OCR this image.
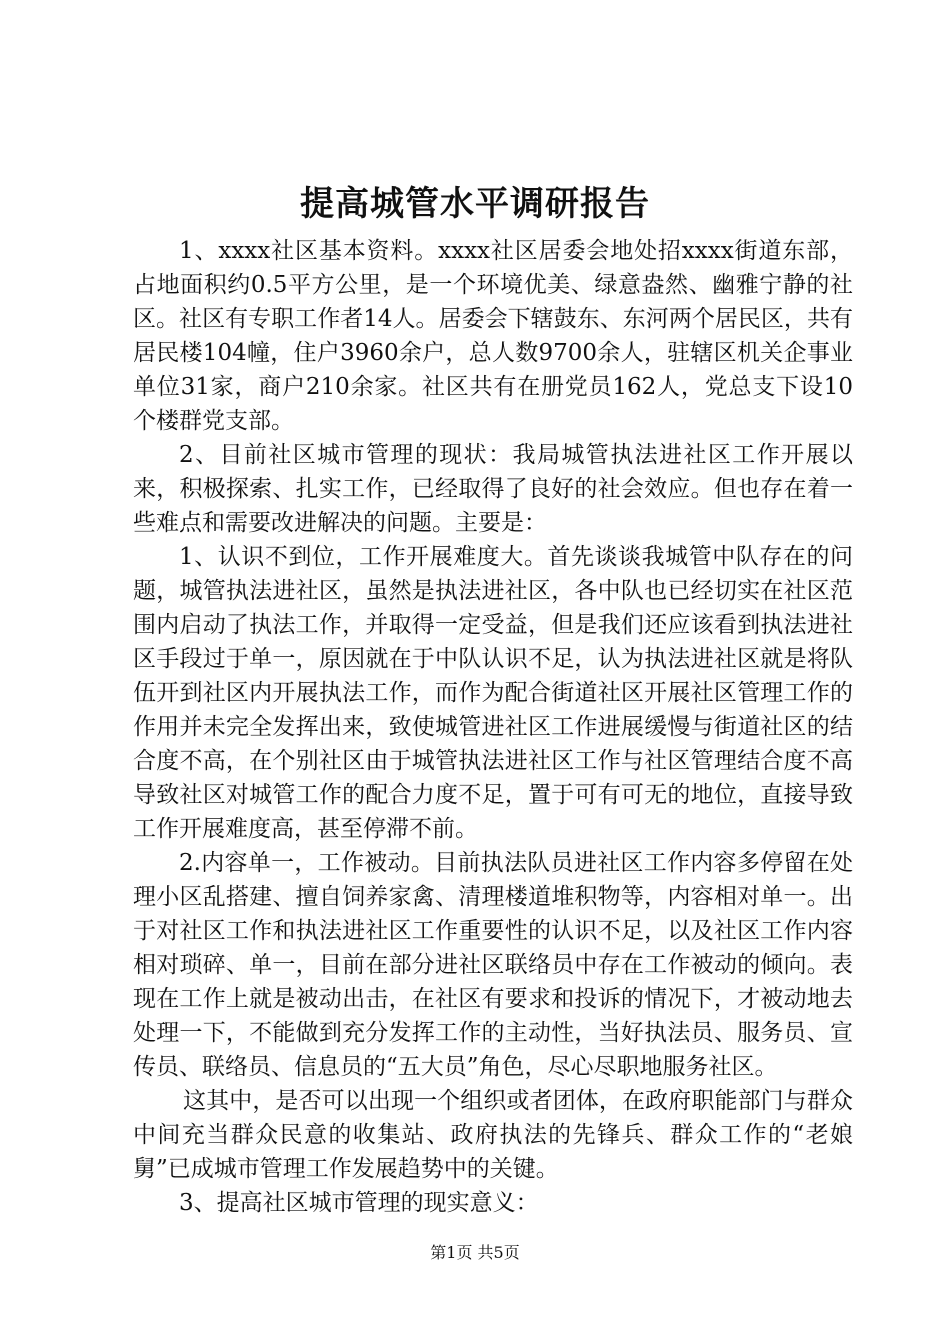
提高城管水平调研报告

1、xxxx社区基本资料。xxxx社区居委会地处招xxxx街道东部，占地面积约0.5平方公里，是一个环境优美、绿意盎然、幽雅宁静的社区。社区有专职工作者14人。居委会下辖鼓东、东河两个居民区，共有居民楼104幢，住户3960余户，总人数9700余人，驻辖区机关企事业单位31家，商户210余家。社区共有在册党员162人，党总支下设10个楼群党支部。

2、目前社区城市管理的现状：我局城管执法进社区工作开展以来，积极探索、扎实工作，已经取得了良好的社会效应。但也存在着一些难点和需要改进解决的问题。主要是：

1、认识不到位，工作开展难度大。首先谈谈我城管中队存在的问题，城管执法进社区，虽然是执法进社区，各中队也已经切实在社区范围内启动了执法工作，并取得一定受益，但是我们还应该看到执法进社区手段过于单一，原因就在于中队认识不足，认为执法进社区就是将队伍开到社区内开展执法工作，而作为配合街道社区开展社区管理工作的作用并未完全发挥出来，致使城管进社区工作进展缓慢与街道社区的结合度不高，在个别社区由于城管执法进社区工作与社区管理结合度不高导致社区对城管工作的配合力度不足，置于可有可无的地位，直接导致工作开展难度高，甚至停滞不前。

2.内容单一，工作被动。目前执法队员进社区工作内容多停留在处理小区乱搭建、擅自饲养家禽、清理楼道堆积物等，内容相对单一。出于对社区工作和执法进社区工作重要性的认识不足，以及社区工作内容相对琐碎、单一，目前在部分进社区联络员中存在工作被动的倾向。表现在工作上就是被动出击，在社区有要求和投诉的情况下，才被动地去处理一下，不能做到充分发挥工作的主动性，当好执法员、服务员、宣传员、联络员、信息员的“五大员”角色，尽心尽职地服务社区。

这其中，是否可以出现一个组织或者团体，在政府职能部门与群众中间充当群众民意的收集站、政府执法的先锋兵、群众工作的“老娘舅”已成城市管理工作发展趋势中的关键。

3、提高社区城市管理的现实意义：

第1页 共5页
